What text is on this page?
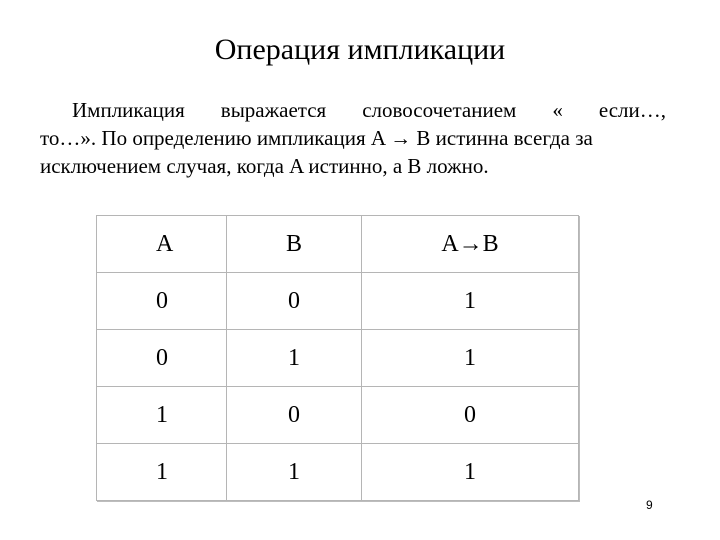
Операция импликации
Импликация выражается словосочетанием « если…,
то…». По определению импликация A → B истинна всегда за
исключением случая, когда A истинно, а B ложно.
A	B	A→B
0	0	1
0	1	1
1	0	0
1	1	1
9
